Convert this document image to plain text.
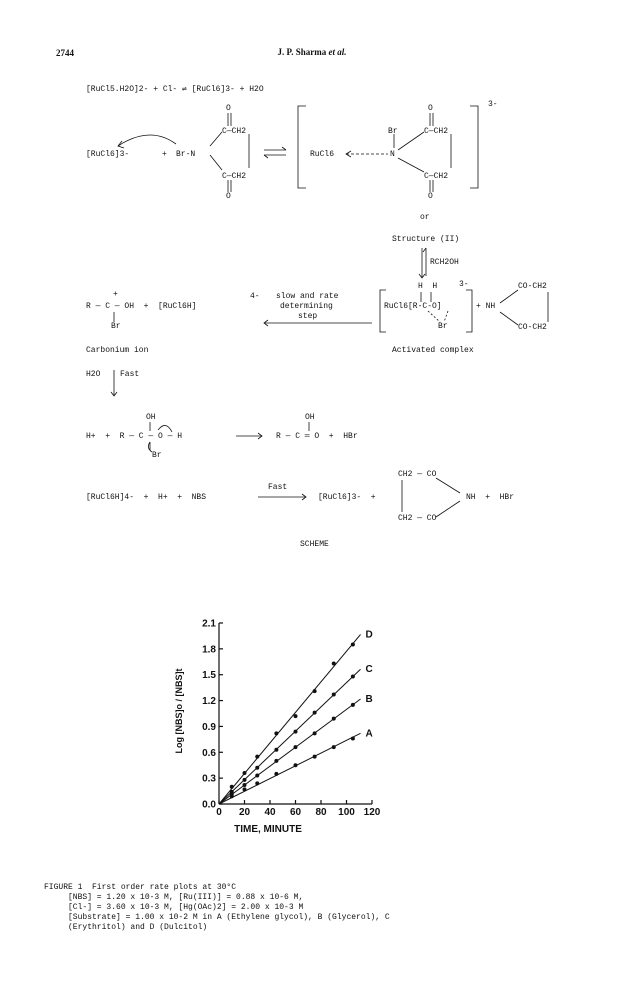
2744	J. P. Sharma et al.
[RuCl5.H2O]2- + Cl- ⇌ [RuCl6]3- + H2O
[RuCl6]3-	+ Br-N
O
C—CH2
C—CH2
O
RuCl6
Br
N
O
C—CH2
C—CH2
O
3-
or
Structure (II)
RCH2OH
R — C — OH  +  [RuCl6H]
4-
+
Br
slow and rate
determining
step
H  H	3-
RuCl6[R-C-O]
Br
+ NH
CO-CH2
CO-CH2
Carbonium ion	Activated complex
H2O Fast
OH
H+  +  R — C — O — H
Br
OH
R — C ═ O  +  HBr
[RuCl6H]4-  +  H+  +  NBS
Fast
[RuCl6]3-  +
CH2 — CO
CH2 — CO
NH  +  HBr
SCHEME
0 20 40 60 80 100 120
0.0
0.3
0.6
0.9
1.2
1.5
1.8
2.1
A
B
C
D
TIME, MINUTE
Log [NBS]o / [NBS]t
FIGURE 1  First order rate plots at 30°C
[NBS] = 1.20 x 10-3 M, [Ru(III)] = 0.88 x 10-6 M,
[Cl-] = 3.60 x 10-3 M, [Hg(OAc)2] = 2.00 x 10-3 M
[Substrate] = 1.00 x 10-2 M in A (Ethylene glycol), B (Glycerol), C
(Erythritol) and D (Dulcitol)
